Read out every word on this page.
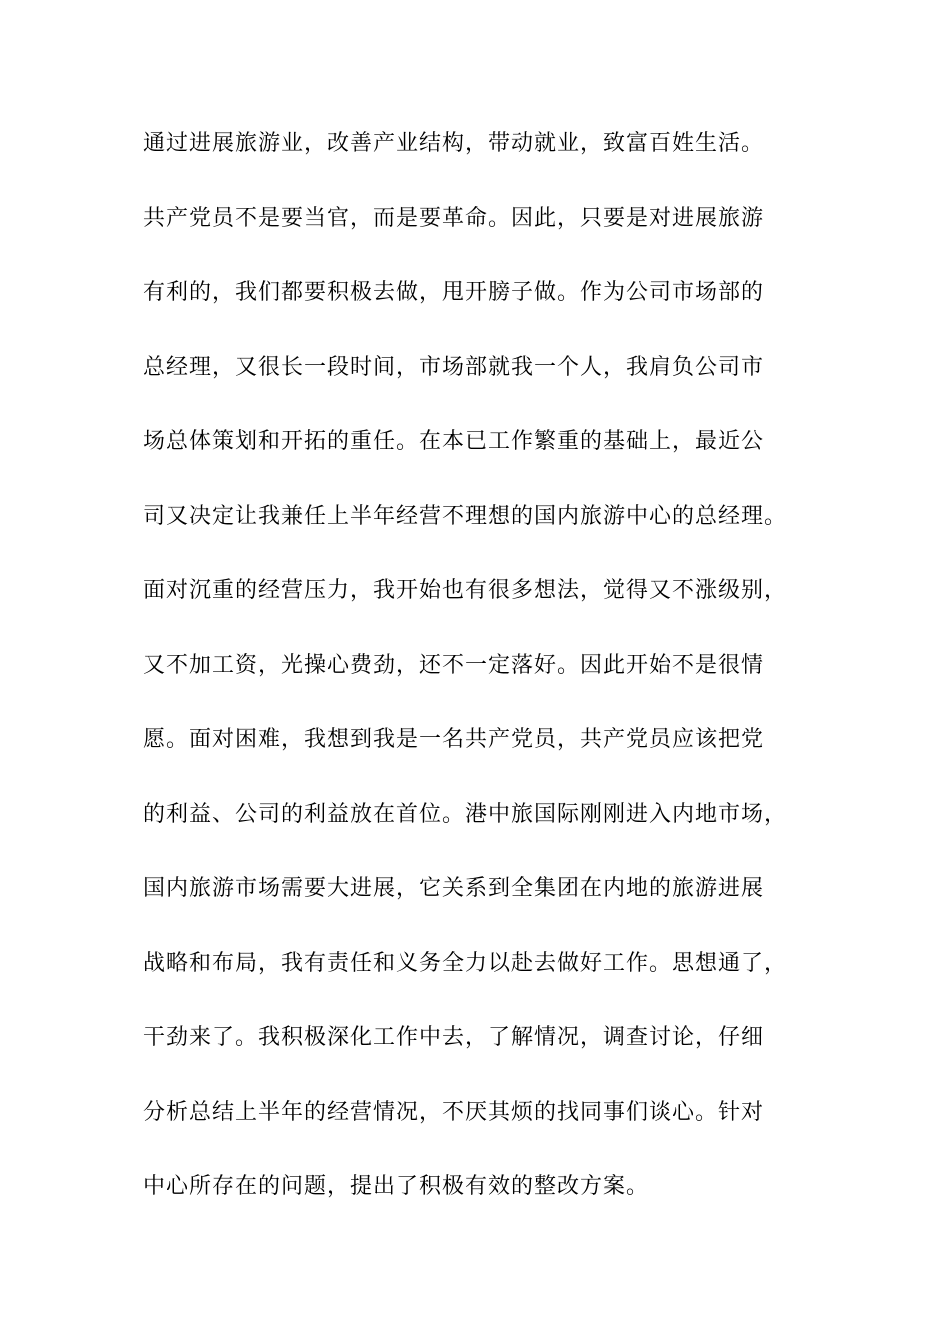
通过进展旅游业，改善产业结构，带动就业，致富百姓生活。

共产党员不是要当官，而是要革命。因此，只要是对进展旅游

有利的，我们都要积极去做，甩开膀子做。作为公司市场部的

总经理，又很长一段时间，市场部就我一个人，我肩负公司市

场总体策划和开拓的重任。在本已工作繁重的基础上，最近公

司又决定让我兼任上半年经营不理想的国内旅游中心的总经理。

面对沉重的经营压力，我开始也有很多想法，觉得又不涨级别，

又不加工资，光操心费劲，还不一定落好。因此开始不是很情

愿。面对困难，我想到我是一名共产党员，共产党员应该把党

的利益、公司的利益放在首位。港中旅国际刚刚进入内地市场，

国内旅游市场需要大进展，它关系到全集团在内地的旅游进展

战略和布局，我有责任和义务全力以赴去做好工作。思想通了，

干劲来了。我积极深化工作中去，了解情况，调查讨论，仔细

分析总结上半年的经营情况，不厌其烦的找同事们谈心。针对

中心所存在的问题，提出了积极有效的整改方案。
